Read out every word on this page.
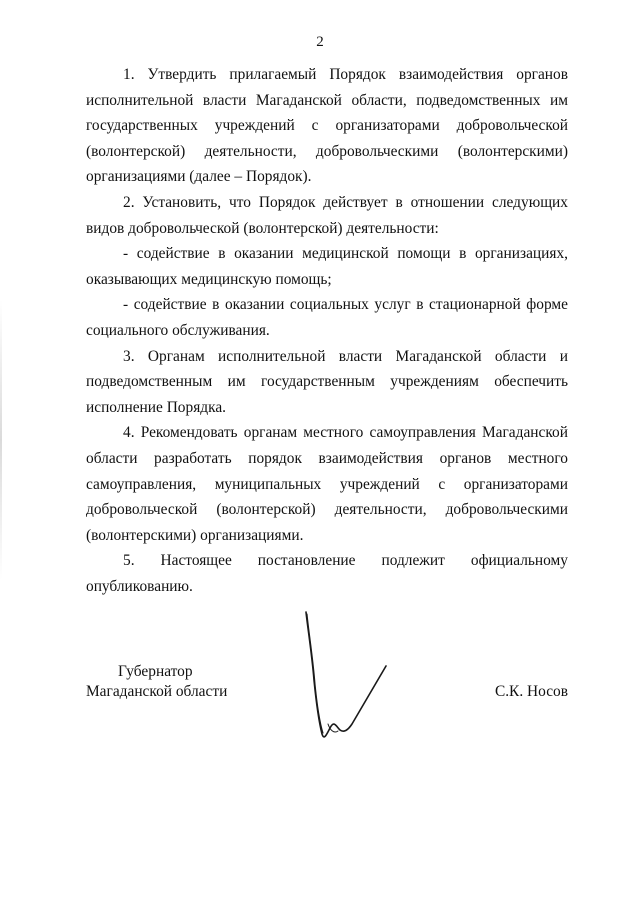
2

1. Утвердить прилагаемый Порядок взаимодействия органов исполнительной власти Магаданской области, подведомственных им государственных учреждений с организаторами добровольческой (волонтерской) деятельности, добровольческими (волонтерскими) организациями (далее – Порядок).

2. Установить, что Порядок действует в отношении следующих видов добровольческой (волонтерской) деятельности:

- содействие в оказании медицинской помощи в организациях, оказывающих медицинскую помощь;

- содействие в оказании социальных услуг в стационарной форме социального обслуживания.

3. Органам исполнительной власти Магаданской области и подведомственным им государственным учреждениям обеспечить исполнение Порядка.

4. Рекомендовать органам местного самоуправления Магаданской области разработать порядок взаимодействия органов местного самоуправления, муниципальных учреждений с организаторами добровольческой (волонтерской) деятельности, добровольческими (волонтерскими) организациями.

5. Настоящее постановление подлежит официальному опубликованию.

Губернатор
Магаданской области	С.К. Носов
